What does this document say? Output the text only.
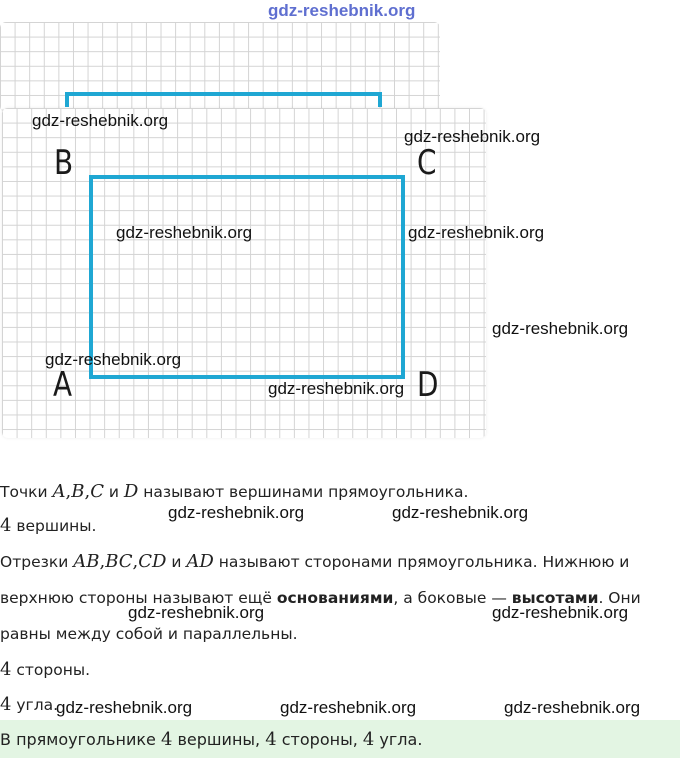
gdz-reshebnik.org
B	C
A	D
gdz-reshebnik.org
gdz-reshebnik.org
gdz-reshebnik.org	gdz-reshebnik.org
gdz-reshebnik.org
gdz-reshebnik.org
gdz-reshebnik.org

Точки A,B,C и D называют вершинами прямоугольника.

4 вершины.

gdz-reshebnik.org	gdz-reshebnik.org

Отрезки AB,BC,CD и AD называют сторонами прямоугольника. Нижнюю и

верхнюю стороны называют ещё основаниями, а боковые — высотами. Они

gdz-reshebnik.org	gdz-reshebnik.org

равны между собой и параллельны.

4 стороны.

4 угла.

gdz-reshebnik.org	gdz-reshebnik.org	gdz-reshebnik.org
В прямоугольнике 4 вершины, 4 стороны, 4 угла.
